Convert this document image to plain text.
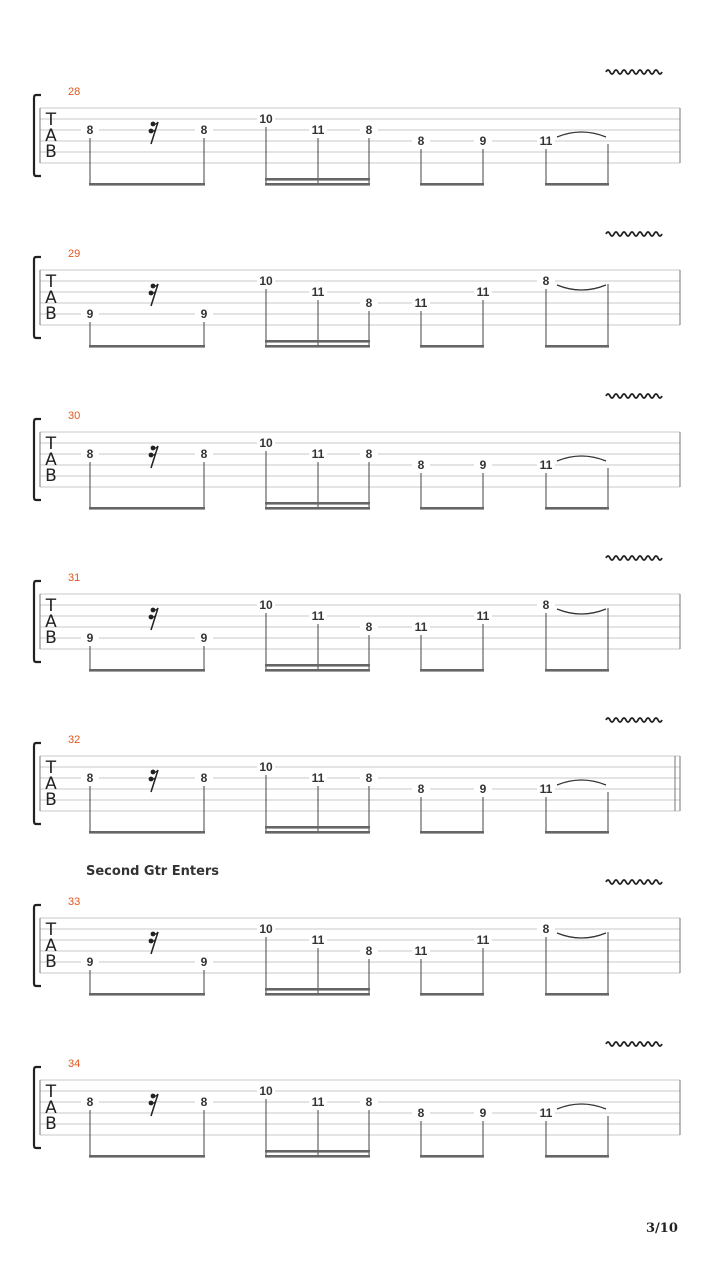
T
A
B
28
8	8
10
11	8
8	9	11
T
A
B
29
9	9
10
11
8	11
11
8
T
A
B
30
8	8
10
11	8
8	9	11
T
A
B
31
9	9
10
11
8	11
11
8
T
A
B
32
8	8
10
11	8
8	9	11
T
A
B
33
9	9
10
11
8	11
11
8
T
A
B
34
8	8
10
11	8
8	9	11
Second Gtr Enters
3/10
